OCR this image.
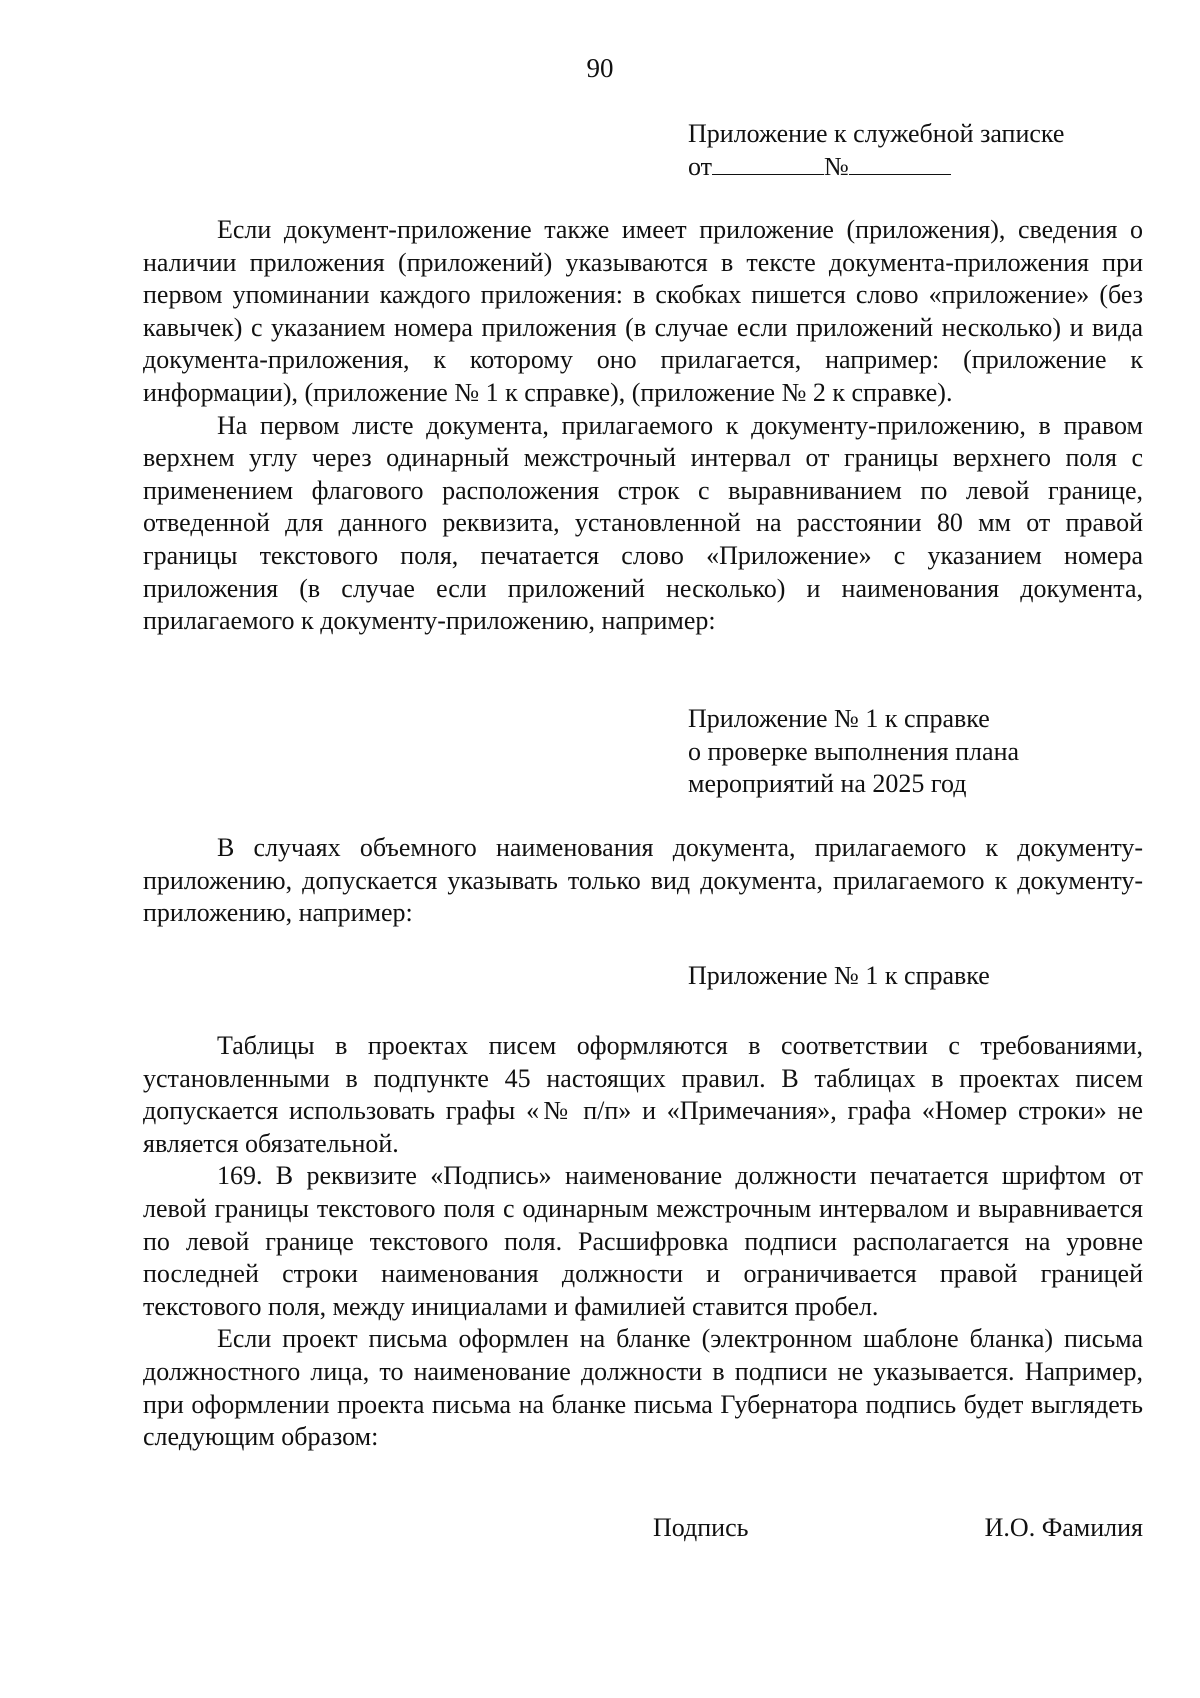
90
Приложение к служебной записке
от	№

Если документ-приложение также имеет приложение (приложения), сведения о наличии приложения (приложений) указываются в тексте документа-приложения при первом упоминании каждого приложения: в скобках пишется слово «приложение» (без кавычек) с указанием номера приложения (в случае если приложений несколько) и вида документа-приложения, к которому оно прилагается, например: (приложение к информации), (приложение № 1 к справке), (приложение № 2 к справке).

На первом листе документа, прилагаемого к документу-приложению, в правом верхнем углу через одинарный межстрочный интервал от границы верхнего поля с применением флагового расположения строк с выравниванием по левой границе, отведенной для данного реквизита, установленной на расстоянии 80 мм от правой границы текстового поля, печатается слово «Приложение» с указанием номера приложения (в случае если приложений несколько) и наименования документа, прилагаемого к документу-приложению, например:

Приложение № 1 к справке
о проверке выполнения плана
мероприятий на 2025 год

В случаях объемного наименования документа, прилагаемого к документу-приложению, допускается указывать только вид документа, прилагаемого к документу-приложению, например:

Приложение № 1 к справке

Таблицы в проектах писем оформляются в соответствии с требованиями, установленными в подпункте 45 настоящих правил. В таблицах в проектах писем допускается использовать графы «№ п/п» и «Примечания», графа «Номер строки» не является обязательной.

169. В реквизите «Подпись» наименование должности печатается шрифтом от левой границы текстового поля с одинарным межстрочным интервалом и выравнивается по левой границе текстового поля. Расшифровка подписи располагается на уровне последней строки наименования должности и ограничивается правой границей текстового поля, между инициалами и фамилией ставится пробел.

Если проект письма оформлен на бланке (электронном шаблоне бланка) письма должностного лица, то наименование должности в подписи не указывается. Например, при оформлении проекта письма на бланке письма Губернатора подпись будет выглядеть следующим образом:

Подпись	И.О. Фамилия
